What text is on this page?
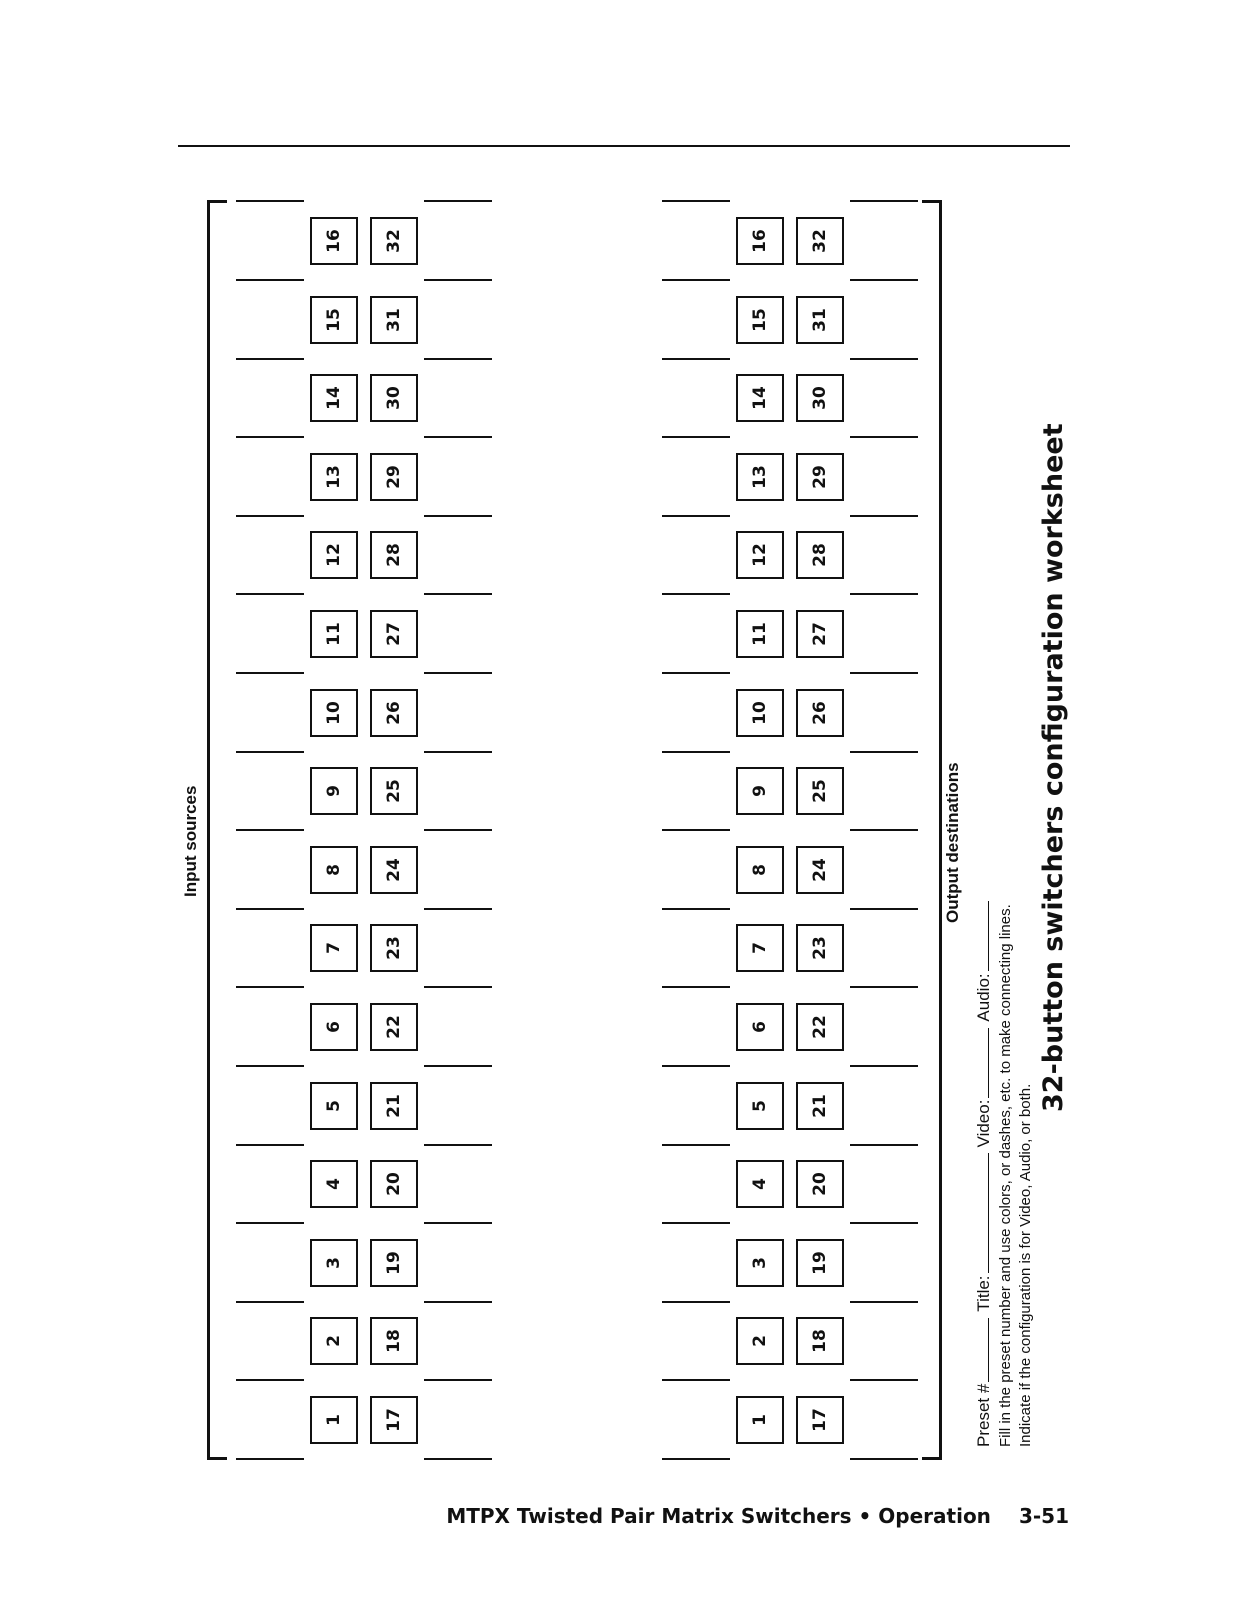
Input sources	Output destinations
Preset #Title:Video:Audio: Fill in the preset number and use colors, or dashes, etc. to make connecting lines. Indicate if the configuration is for Video, Audio, or both.
32-button switchers configuration worksheet
1 17
2 18
3 19
4 20
5 21
6 22
7 23
8 24
9 25
10 26
11 27
12 28
13 29
14 30
15 31
16 32
1 17
2 18
3 19
4 20
5 21
6 22
7 23
8 24
9 25
10 26
11 27
12 28
13 29
14 30
15 31
16 32
MTPX Twisted Pair Matrix Switchers • Operation 3-51
